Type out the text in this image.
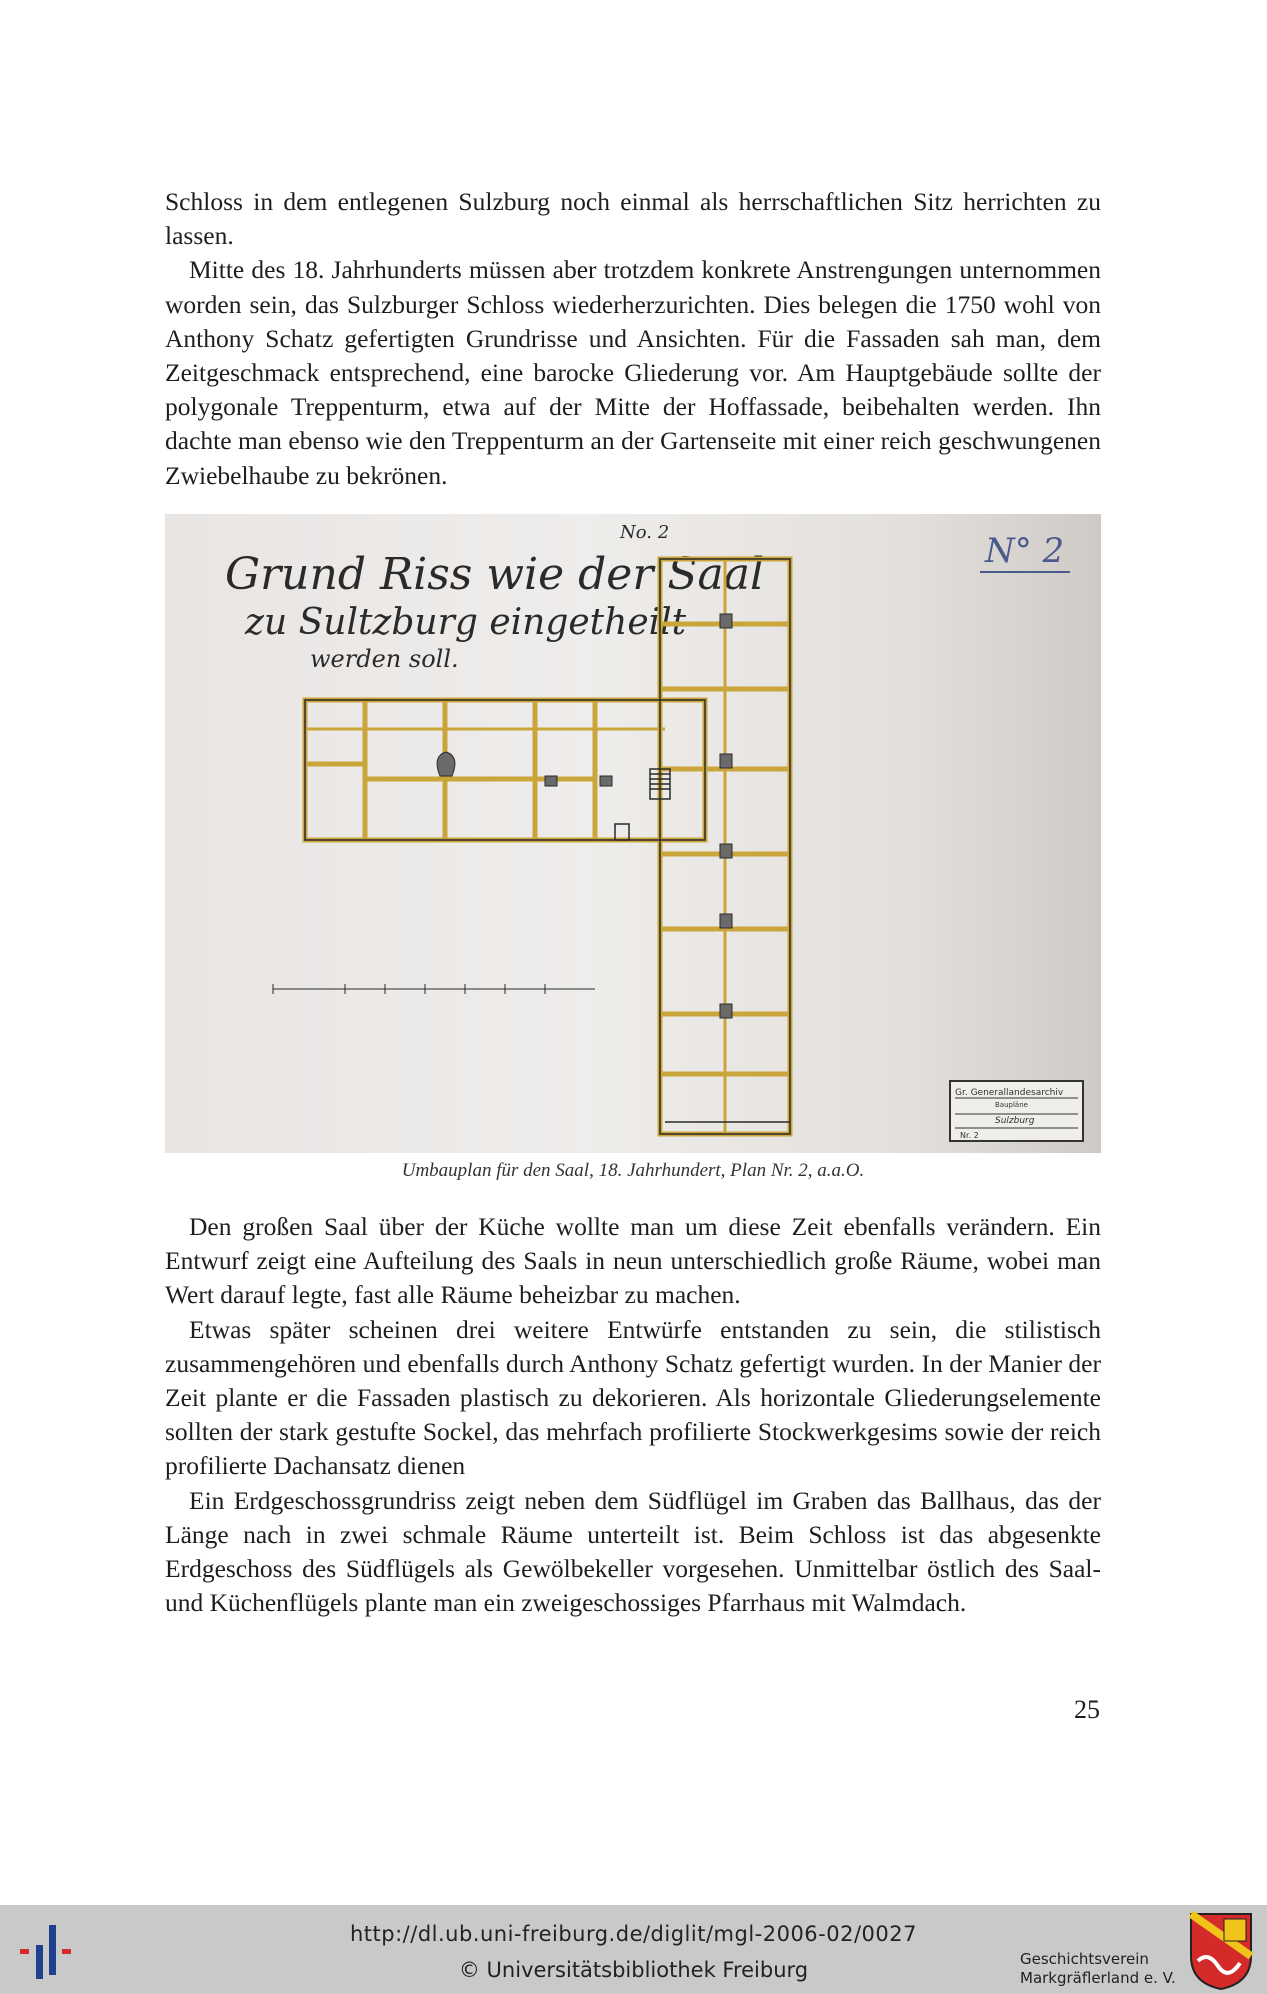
Schloss in dem entlegenen Sulzburg noch einmal als herrschaftlichen Sitz herrichten zu lassen.

Mitte des 18. Jahrhunderts müssen aber trotzdem konkrete Anstrengungen unternommen worden sein, das Sulzburger Schloss wiederherzurichten. Dies belegen die 1750 wohl von Anthony Schatz gefertigten Grundrisse und Ansichten. Für die Fassaden sah man, dem Zeitgeschmack entsprechend, eine barocke Gliederung vor. Am Hauptgebäude sollte der polygonale Treppenturm, etwa auf der Mitte der Hoffassade, beibehalten werden. Ihn dachte man ebenso wie den Treppenturm an der Gartenseite mit einer reich geschwungenen Zwiebelhaube zu bekrönen.

Grund Riss wie der Saal
zu Sultzburg eingetheilt
werden soll.
No. 2	N° 2
Gr. Generallandesarchiv
Baupläne
Sulzburg
Nr. 2
Umbauplan für den Saal, 18. Jahrhundert, Plan Nr. 2, a.a.O.

Den großen Saal über der Küche wollte man um diese Zeit ebenfalls verändern. Ein Entwurf zeigt eine Aufteilung des Saals in neun unterschiedlich große Räume, wobei man Wert darauf legte, fast alle Räume beheizbar zu machen.

Etwas später scheinen drei weitere Entwürfe entstanden zu sein, die stilistisch zusammengehören und ebenfalls durch Anthony Schatz gefertigt wurden. In der Manier der Zeit plante er die Fassaden plastisch zu dekorieren. Als horizontale Gliederungselemente sollten der stark gestufte Sockel, das mehrfach profilierte Stockwerkgesims sowie der reich profilierte Dachansatz dienen

Ein Erdgeschossgrundriss zeigt neben dem Südflügel im Graben das Ballhaus, das der Länge nach in zwei schmale Räume unterteilt ist. Beim Schloss ist das abgesenkte Erdgeschoss des Südflügels als Gewölbekeller vorgesehen. Unmittelbar östlich des Saal- und Küchenflügels plante man ein zweigeschossiges Pfarrhaus mit Walmdach.

25
http://dl.ub.uni-freiburg.de/diglit/mgl-2006-02/0027
© Universitätsbibliothek Freiburg	Geschichtsverein
Markgräflerland e. V.
